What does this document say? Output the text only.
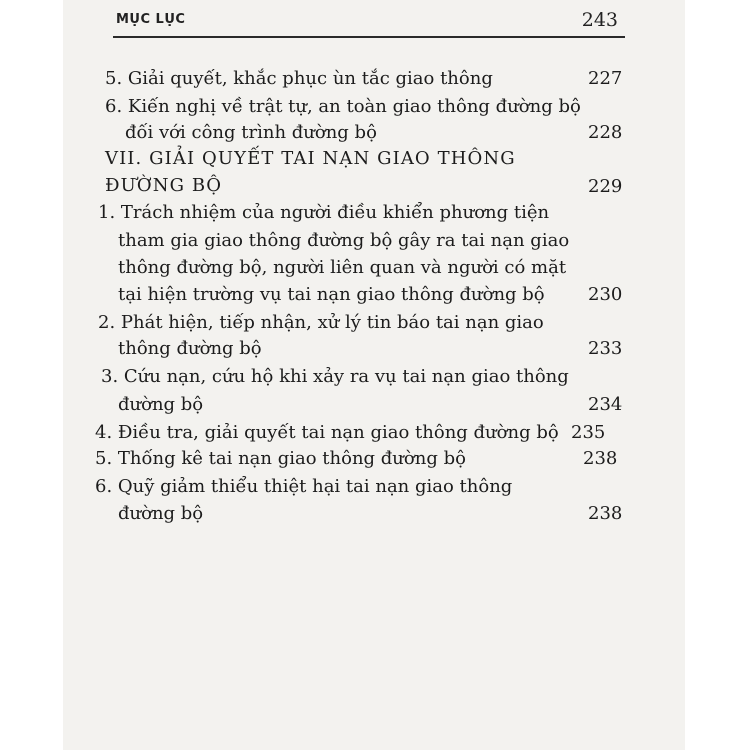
MỤC LỤC	243
5. Giải quyết, khắc phục ùn tắc giao thông	227
6. Kiến nghị về trật tự, an toàn giao thông đường bộ
đối với công trình đường bộ	228
VII. GIẢI QUYẾT TAI NẠN GIAO THÔNG
ĐƯỜNG BỘ	229
1. Trách nhiệm của người điều khiển phương tiện
tham gia giao thông đường bộ gây ra tai nạn giao
thông đường bộ, người liên quan và người có mặt
tại hiện trường vụ tai nạn giao thông đường bộ 230
2. Phát hiện, tiếp nhận, xử lý tin báo tai nạn giao
thông đường bộ	233
3. Cứu nạn, cứu hộ khi xảy ra vụ tai nạn giao thông
đường bộ	234
4. Điều tra, giải quyết tai nạn giao thông đường bộ 235
5. Thống kê tai nạn giao thông đường bộ	238
6. Quỹ giảm thiểu thiệt hại tai nạn giao thông
đường bộ	238
